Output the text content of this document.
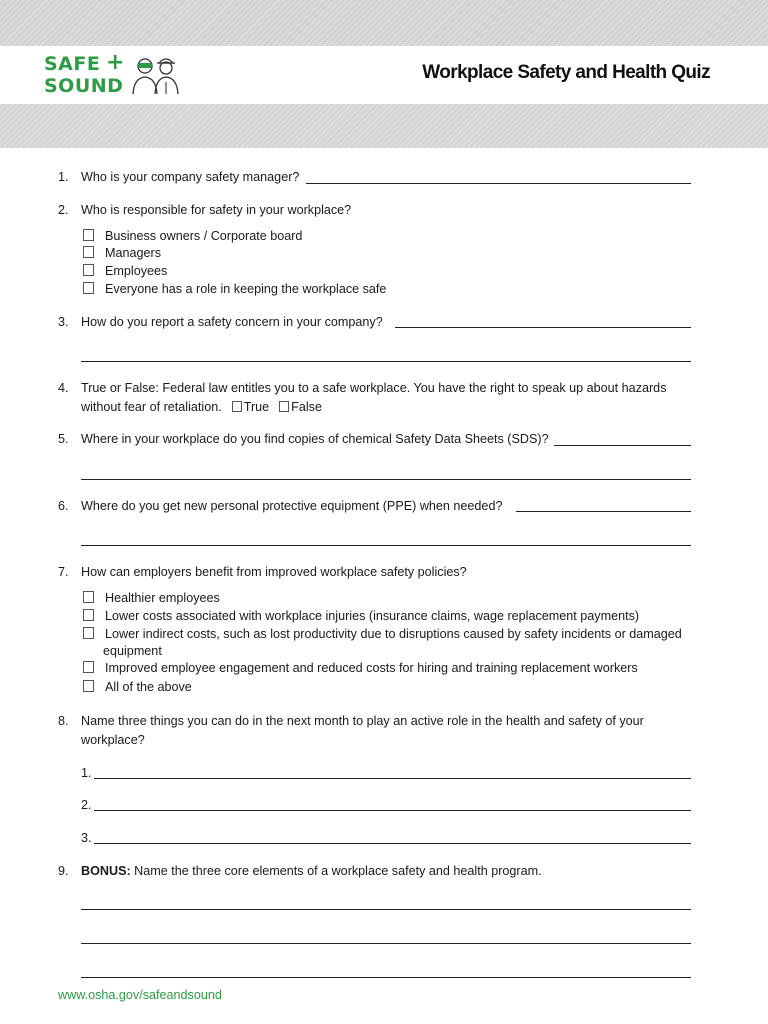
SAFE +
SOUND
Workplace Safety and Health Quiz
1. Who is your company safety manager?
2. Who is responsible for safety in your workplace?
Business owners / Corporate board
Managers
Employees
Everyone has a role in keeping the workplace safe
3. How do you report a safety concern in your company?
4. True or False: Federal law entitles you to a safe workplace. You have the right to speak up about hazards
without fear of retaliation. True False
5. Where in your workplace do you find copies of chemical Safety Data Sheets (SDS)?
6. Where do you get new personal protective equipment (PPE) when needed?
7. How can employers benefit from improved workplace safety policies?
Healthier employees
Lower costs associated with workplace injuries (insurance claims, wage replacement payments)
Lower indirect costs, such as lost productivity due to disruptions caused by safety incidents or damaged
equipment
Improved employee engagement and reduced costs for hiring and training replacement workers
All of the above
8. Name three things you can do in the next month to play an active role in the health and safety of your
workplace?
1.
2.
3.
9. BONUS: Name the three core elements of a workplace safety and health program.
www.osha.gov/safeandsound
